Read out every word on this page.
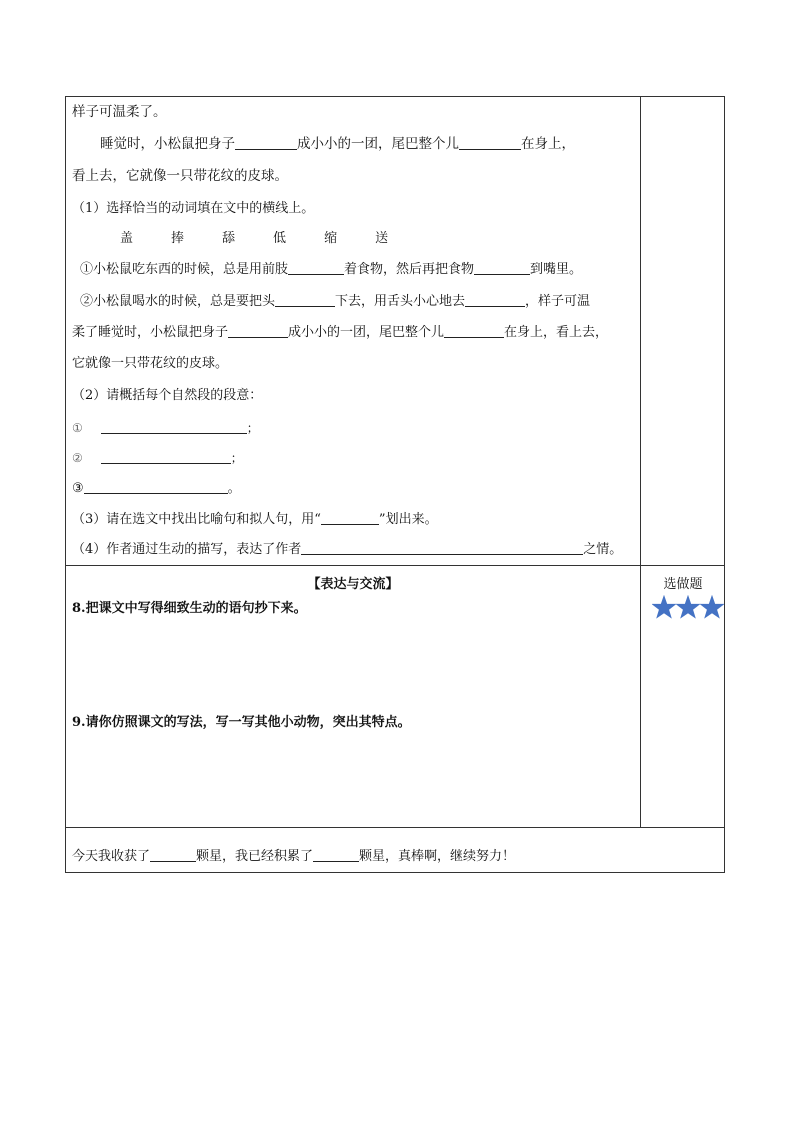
样子可温柔了。
睡觉时，小松鼠把身子	成小小的一团，尾巴整个儿	在身上，
看上去，它就像一只带花纹的皮球。
（1）选择恰当的动词填在文中的横线上。
盖	捧	舔	低	缩	送
①小松鼠吃东西的时候，总是用前肢	着食物，然后再把食物	到嘴里。
②小松鼠喝水的时候，总是要把头	下去，用舌头小心地去	，样子可温
柔了睡觉时，小松鼠把身子	成小小的一团，尾巴整个儿	在身上，看上去，
它就像一只带花纹的皮球。
（2）请概括每个自然段的段意：
①	；
②	；
③	。
（3）请在选文中找出比喻句和拟人句，用“	”划出来。
（4）作者通过生动的描写，表达了作者	之情。
【表达与交流】	选做题
8.把课文中写得细致生动的语句抄下来。
9.请你仿照课文的写法，写一写其他小动物，突出其特点。
今天我收获了	颗星，我已经积累了	颗星，真棒啊，继续努力！
